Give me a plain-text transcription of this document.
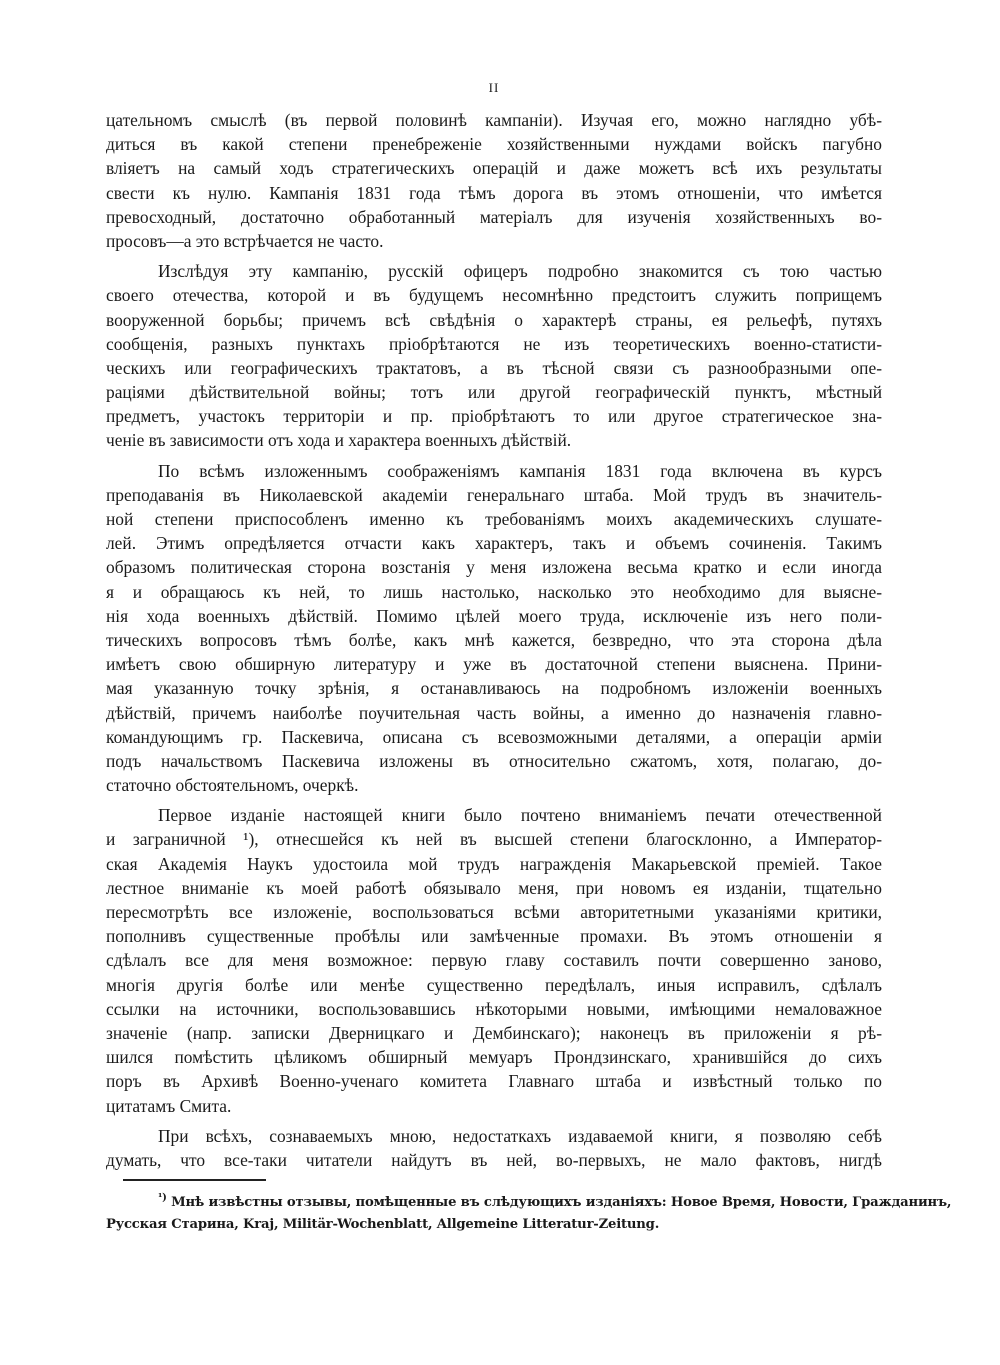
II
цательномъ смыслѣ (въ первой половинѣ кампаніи). Изучая его, можно наглядно убѣ-
диться въ какой степени пренебреженіе хозяйственными нуждами войскъ пагубно
вліяетъ на самый ходъ стратегическихъ операцій и даже можетъ всѣ ихъ результаты
свести къ нулю. Кампанія 1831 года тѣмъ дорога въ этомъ отношеніи, что имѣется
превосходный, достаточно обработанный матеріалъ для изученія хозяйственныхъ во-
просовъ—а это встрѣчается не часто.
Изслѣдуя эту кампанію, русскій офицеръ подробно знакомится съ тою частью
своего отечества, которой и въ будущемъ несомнѣнно предстоитъ служить поприщемъ
вооруженной борьбы; причемъ всѣ свѣдѣнія о характерѣ страны, ея рельефѣ, путяхъ
сообщенія, разныхъ пунктахъ пріобрѣтаются не изъ теоретическихъ военно-статисти-
ческихъ или географическихъ трактатовъ, а въ тѣсной связи съ разнообразными опе-
раціями дѣйствительной войны; тотъ или другой географическій пунктъ, мѣстный
предметъ, участокъ территоріи и пр. пріобрѣтаютъ то или другое стратегическое зна-
ченіе въ зависимости отъ хода и характера военныхъ дѣйствій.
По всѣмъ изложеннымъ соображеніямъ кампанія 1831 года включена въ курсъ
преподаванія въ Николаевской академіи генеральнаго штаба. Мой трудъ въ значитель-
ной степени приспособленъ именно къ требованіямъ моихъ академическихъ слушате-
лей. Этимъ опредѣляется отчасти какъ характеръ, такъ и объемъ сочиненія. Такимъ
образомъ политическая сторона возстанія у меня изложена весьма кратко и если иногда
я и обращаюсь къ ней, то лишь настолько, насколько это необходимо для выясне-
нія хода военныхъ дѣйствій. Помимо цѣлей моего труда, исключеніе изъ него поли-
тическихъ вопросовъ тѣмъ болѣе, какъ мнѣ кажется, безвредно, что эта сторона дѣла
имѣетъ свою обширную литературу и уже въ достаточной степени выяснена. Прини-
мая указанную точку зрѣнія, я останавливаюсь на подробномъ изложеніи военныхъ
дѣйствій, причемъ наиболѣе поучительная часть войны, а именно до назначенія главно-
командующимъ гр. Паскевича, описана съ всевозможными деталями, а операціи арміи
подъ начальствомъ Паскевича изложены въ относительно сжатомъ, хотя, полагаю, до-
статочно обстоятельномъ, очеркѣ.
Первое изданіе настоящей книги было почтено вниманіемъ печати отечественной
и заграничной ¹), отнесшейся къ ней въ высшей степени благосклонно, а Император-
ская Академія Наукъ удостоила мой трудъ награжденія Макарьевской преміей. Такое
лестное вниманіе къ моей работѣ обязывало меня, при новомъ ея изданіи, тщательно
пересмотрѣть все изложеніе, воспользоваться всѣми авторитетными указаніями критики,
пополнивъ существенные пробѣлы или замѣченные промахи. Въ этомъ отношеніи я
сдѣлалъ все для меня возможное: первую главу составилъ почти совершенно заново,
многія другія болѣе или менѣе существенно передѣлалъ, иныя исправилъ, сдѣлалъ
ссылки на источники, воспользовавшись нѣкоторыми новыми, имѣющими немаловажное
значеніе (напр. записки Дверницкаго и Дембинскаго); наконецъ въ приложеніи я рѣ-
шился помѣстить цѣликомъ обширный мемуаръ Прондзинскаго, хранившійся до сихъ
поръ въ Архивѣ Военно-ученаго комитета Главнаго штаба и извѣстный только по
цитатамъ Смита.
При всѣхъ, сознаваемыхъ мною, недостаткахъ издаваемой книги, я позволяю себѣ
думать, что все-таки читатели найдутъ въ ней, во-первыхъ, не мало фактовъ, нигдѣ
$^{^1)}$ Мнѣ извѣстны отзывы, помѣщенные въ слѣдующихъ изданіяхъ: Новое Время, Новости, Гражданинъ,
Русская Старина, Kraj, Militär-Wochenblatt, Allgemeine Litteratur-Zeitung.
